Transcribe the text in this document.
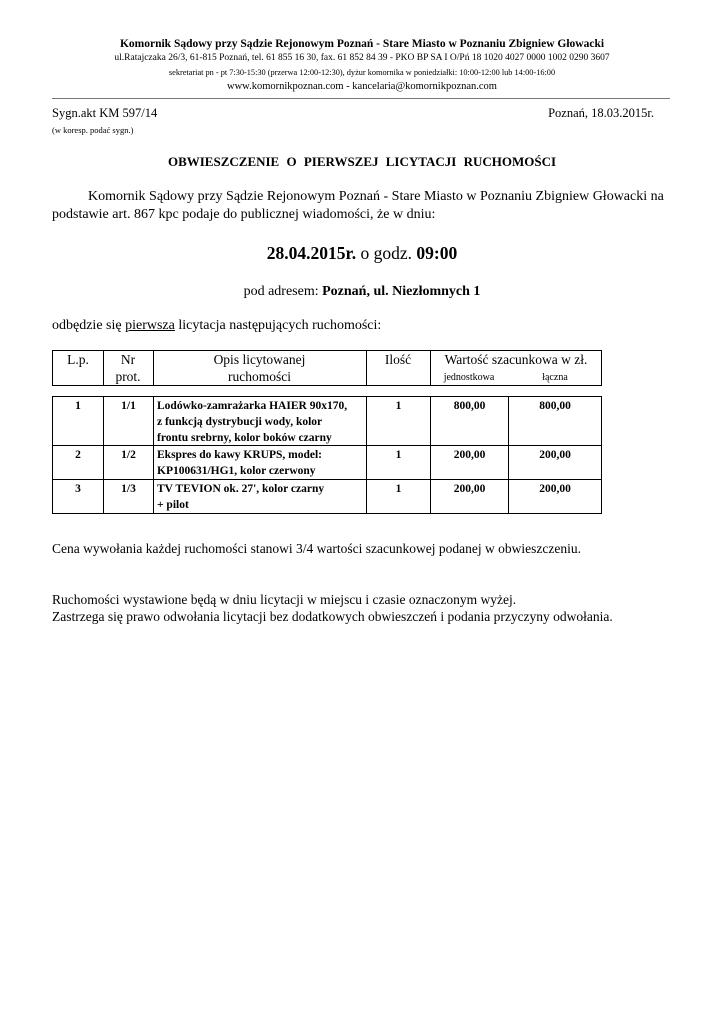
Komornik Sądowy przy Sądzie Rejonowym Poznań - Stare Miasto w Poznaniu Zbigniew Głowacki
ul.Ratajczaka 26/3, 61-815 Poznań, tel. 61 855 16 30, fax. 61 852 84 39 - PKO BP SA I O/Pń 18 1020 4027 0000 1002 0290 3607
sekretariat pn - pt 7:30-15:30 (przerwa 12:00-12:30), dyżur komornika w poniedziałki: 10:00-12:00 lub 14:00-16:00
www.komornikpoznan.com - kancelaria@komornikpoznan.com
Sygn.akt KM 597/14	Poznań, 18.03.2015r.
(w koresp. podać sygn.)
OBWIESZCZENIE O PIERWSZEJ LICYTACJI RUCHOMOŚCI
Komornik Sądowy przy Sądzie Rejonowym Poznań - Stare Miasto w Poznaniu Zbigniew Głowacki na podstawie art. 867 kpc podaje do publicznej wiadomości, że w dniu:
28.04.2015r. o godz. 09:00
pod adresem: Poznań, ul. Niezłomnych 1
odbędzie się pierwsza licytacja następujących ruchomości:
L.p.	Nr
prot.
Opis licytowanej
ruchomości
Ilość	Wartość szacunkowa w zł.
jednostkowa	łączna
1	1/1	Lodówko-zamrażarka HAIER 90x170,
z funkcją dystrybucji wody, kolor
frontu srebrny, kolor boków czarny
1	800,00	800,00
2	1/2	Ekspres do kawy KRUPS, model:
KP100631/HG1, kolor czerwony
1	200,00	200,00
3	1/3	TV TEVION ok. 27', kolor czarny
+ pilot
1	200,00	200,00
Cena wywołania każdej ruchomości stanowi 3/4 wartości szacunkowej podanej w obwieszczeniu.
Ruchomości wystawione będą w dniu licytacji w miejscu i czasie oznaczonym wyżej.
Zastrzega się prawo odwołania licytacji bez dodatkowych obwieszczeń i podania przyczyny odwołania.
